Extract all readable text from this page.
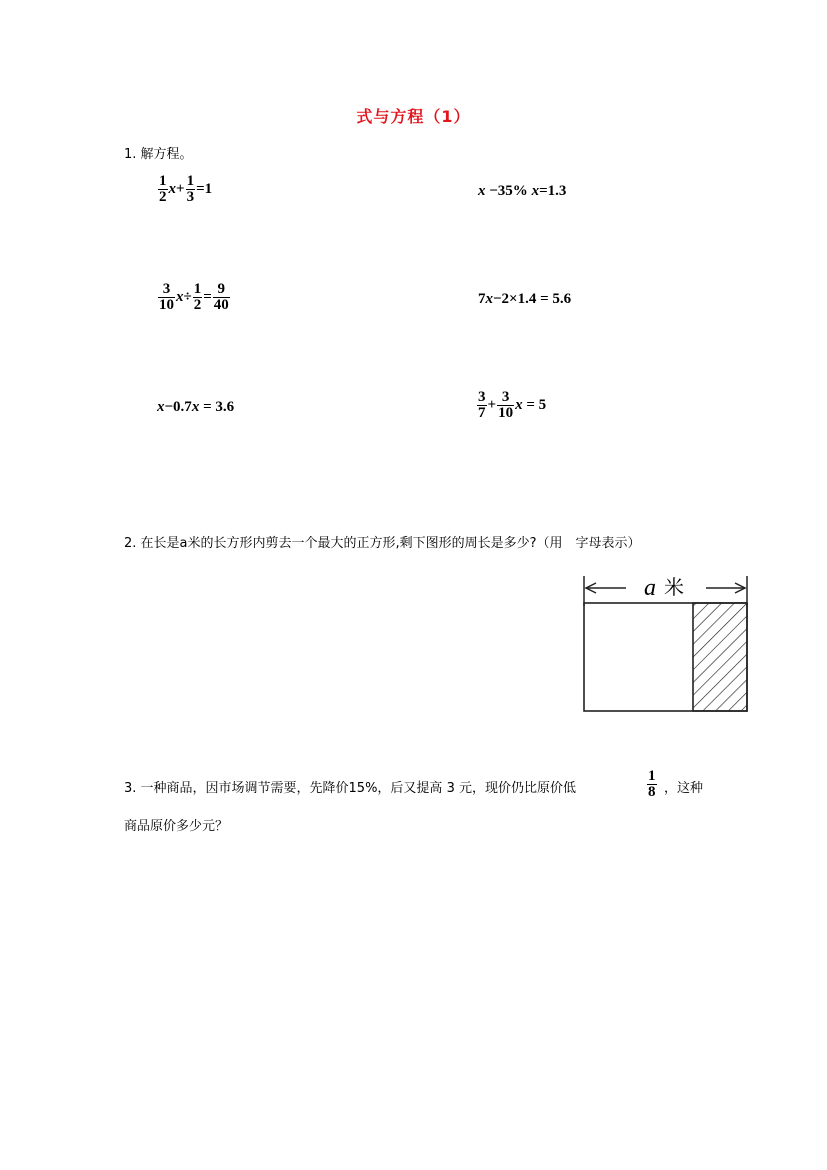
式与方程（1）
1. 解方程。
$\frac{1}{2}$ $x + \frac{1}{3} =1$	x −35% x =1.3
$\frac{3}{10}$ $x \div \frac{1}{2} = \frac{9}{40}$	7 x −2×1.4 = 5.6
x −0.7 x = 3.6	$\frac{3}{7} + \frac{3}{10}$ x = 5
2. 在长是a米的长方形内剪去一个最大的正方形,剩下图形的周长是多少?（用　字母表示）
a 米
3. 一种商品，因市场调节需要，先降价15%，后又提高 3 元，现价仍比原价低	$\frac{1}{8}$ ，这种
商品原价多少元？
